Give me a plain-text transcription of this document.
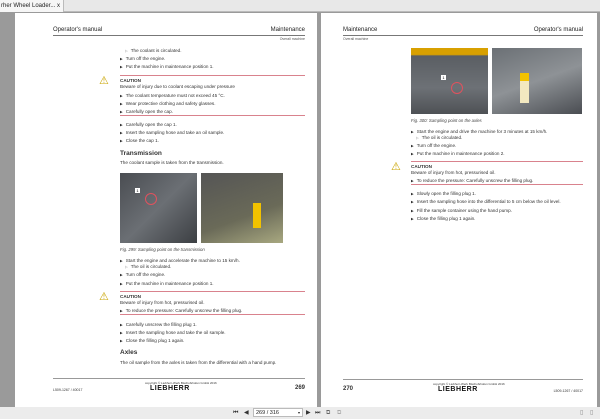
rher Wheel Loader... x
Operator's manual	Maintenance
Overall machine
▷ The coolant is circulated.
▶ Turn off the engine.
▶ Put the machine in maintenance position 1.
⚠ CAUTION
Beware of injury due to coolant escaping under pressure
▶ The coolant temperature must not exceed 45 °C.
▶ Wear protective clothing and safety glasses.
▶ Carefully open the cap.
▶ Carefully open the cap 1.
▶ Insert the sampling hose and take an oil sample.
▶ Close the cap 1.
Transmission
The coolant sample is taken from the transmission.
1
Fig. 299: Sampling point on the transmission
▶ Start the engine and accelerate the machine to 15 km/h.
▷ The oil is circulated.
▶ Turn off the engine.
▶ Put the machine in maintenance position 1.
⚠ CAUTION
Beware of injury from hot, pressurised oil.
▶ To reduce the pressure: Carefully unscrew the filling plug.
▶ Carefully unscrew the filling plug 1.
▶ Insert the sampling hose and take the oil sample.
▶ Close the filling plug 1 again.
Axles
The oil sample from the axles is taken from the differential with a hand pump.
copyright © Liebherr-Werk Bischofshofen GmbH 2016
LIEBHERR
L509-1267 / 40017	269
Maintenance	Operator's manual
Overall machine
1
Fig. 300: Sampling point on the axles
▶ Start the engine and drive the machine for 3 minutes at 15 km/h.
▷ The oil is circulated.
▶ Turn off the engine.
▶ Put the machine in maintenance position 2.
⚠ CAUTION
Beware of injury from hot, pressurised oil.
▶ To reduce the pressure: Carefully unscrew the filling plug.
▶ Slowly open the filling plug 1.
▶ Insert the sampling hose into the differential to 5 cm below the oil level.
▶ Fill the sample container using the hand pump.
▶ Close the filling plug 1 again.
copyright © Liebherr-Werk Bischofshofen GmbH 2016
LIEBHERR
270	L509-1267 / 40017
⏮ ◀	269 / 316	▾ ▶ ⏭ ⧉ ⧉	▯ ▯
